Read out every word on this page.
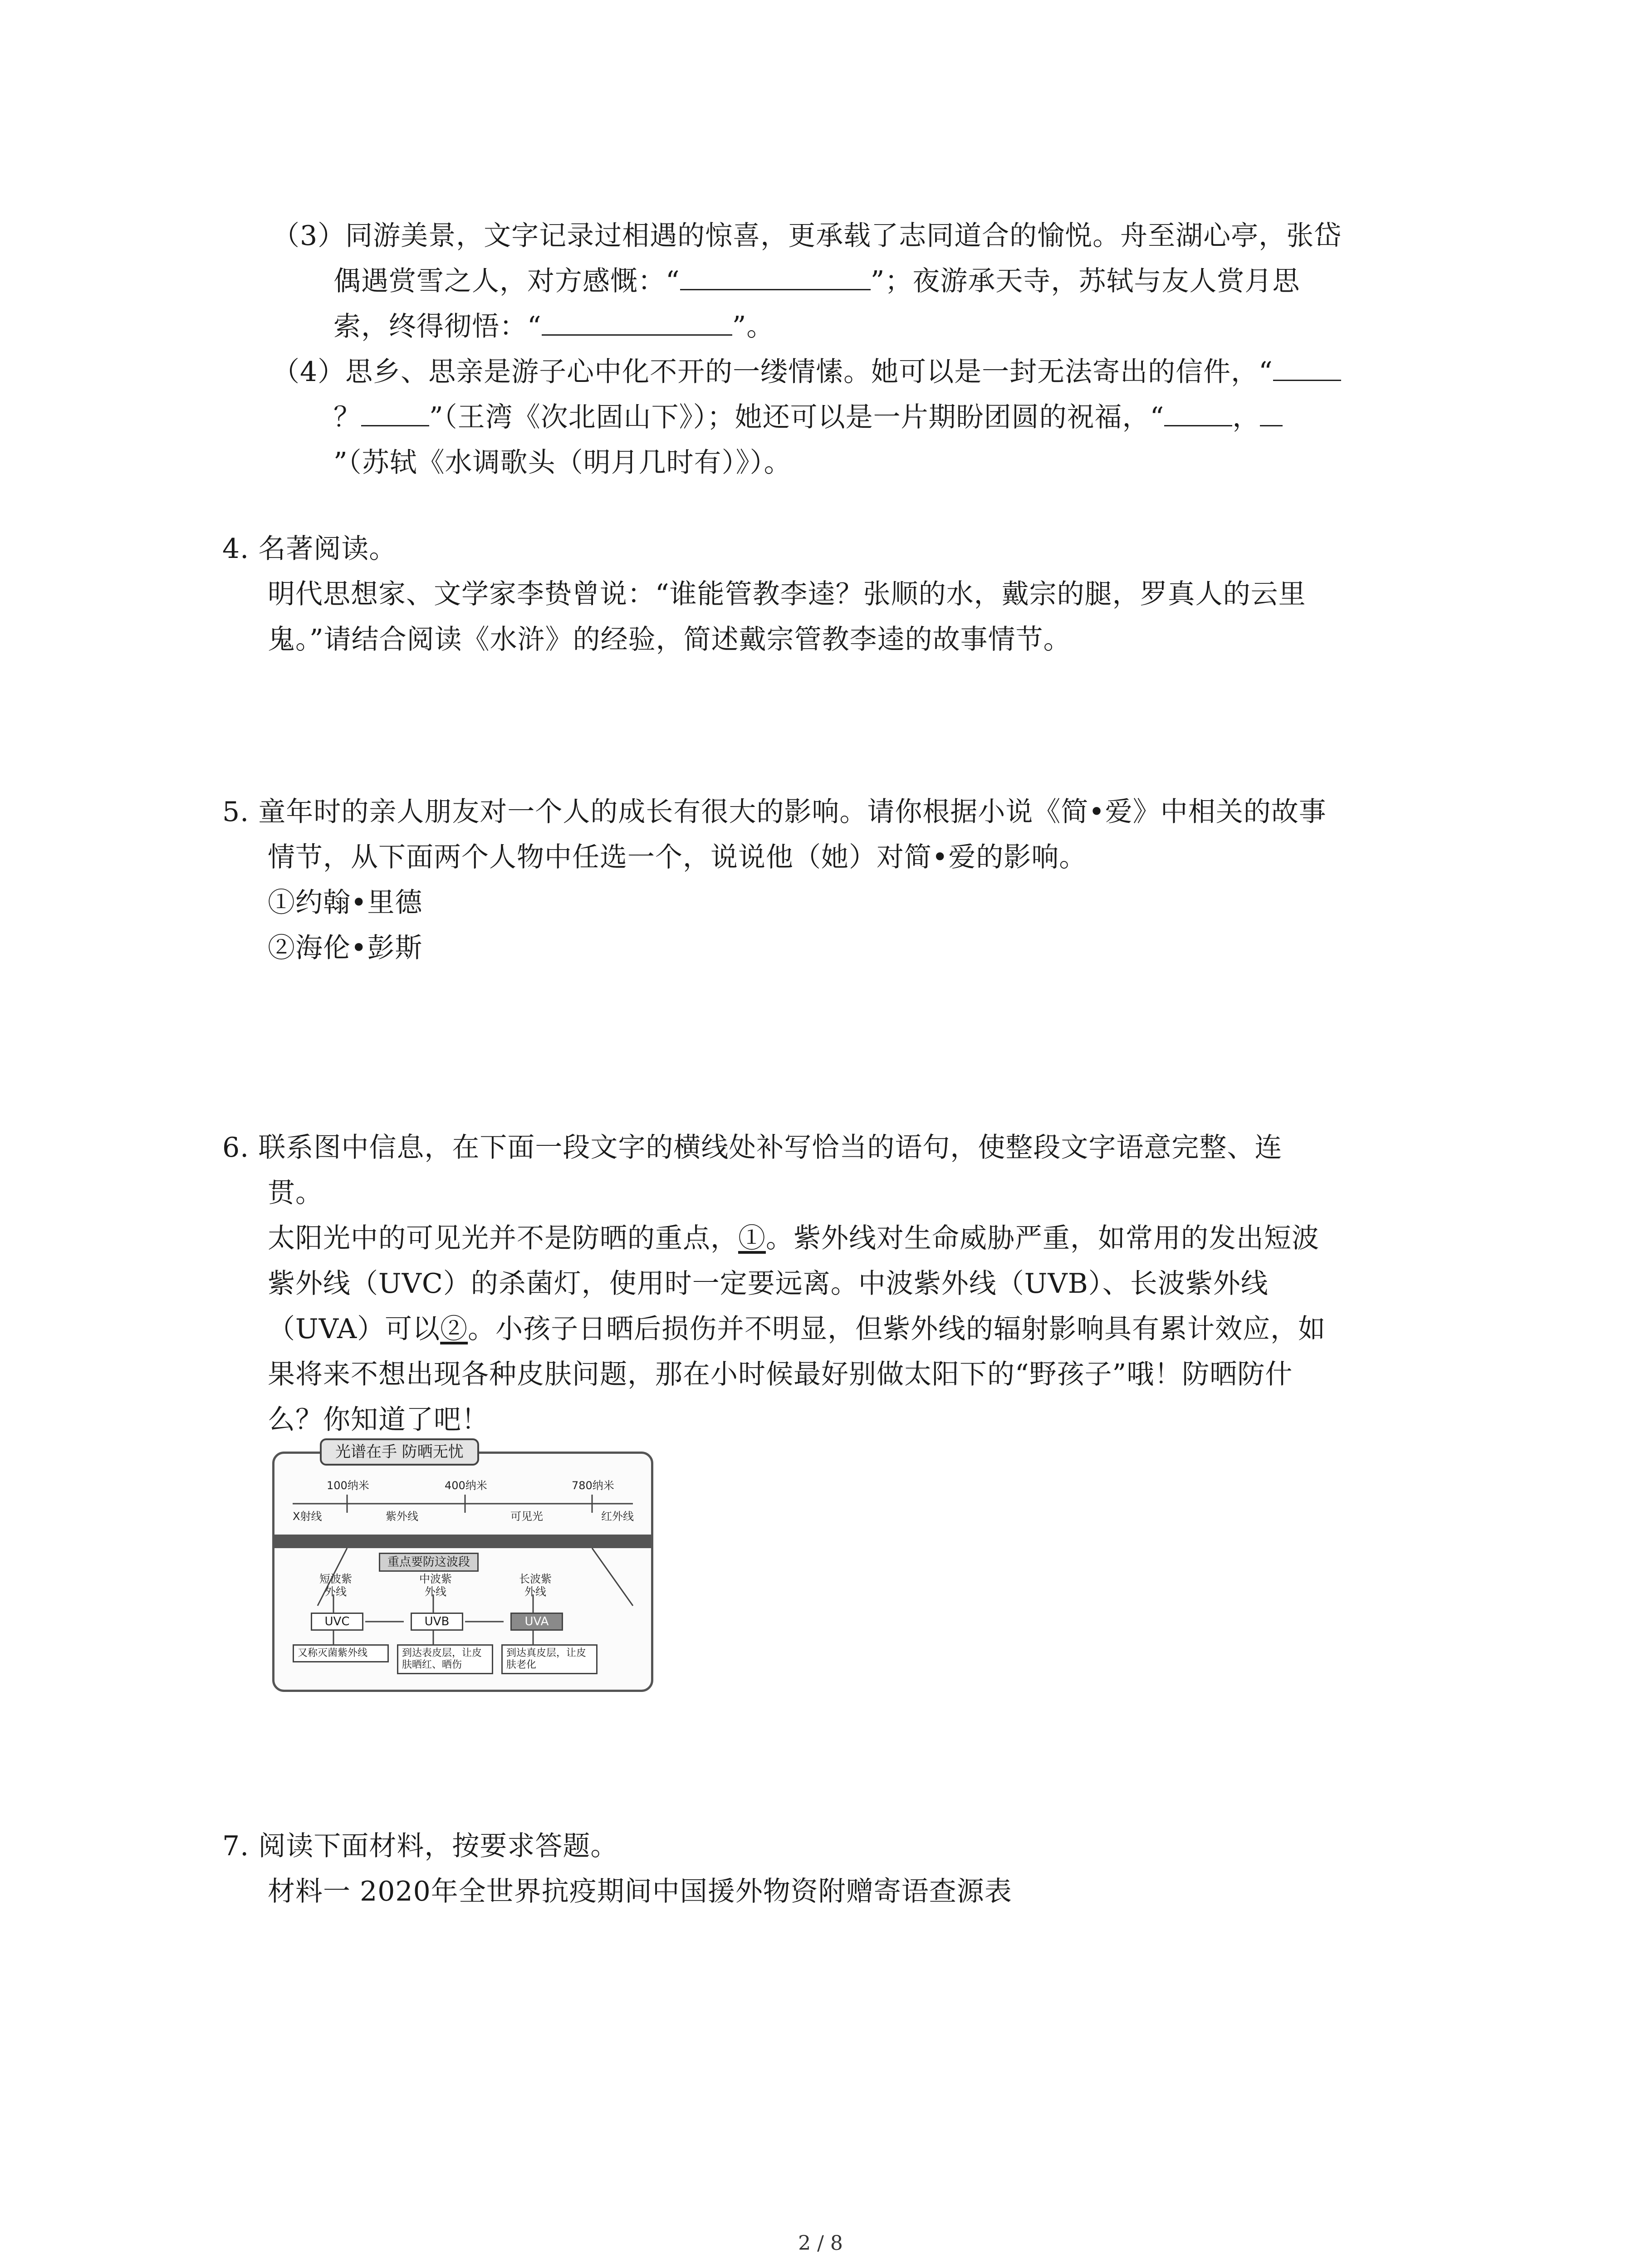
（3）同游美景，文字记录过相遇的惊喜，更承载了志同道合的愉悦。舟至湖心亭，张岱
偶遇赏雪之人，对方感慨：“	”；夜游承天寺，苏轼与友人赏月思
索，终得彻悟：“	”。
（4）思乡、思亲是游子心中化不开的一缕情愫。她可以是一封无法寄出的信件，“
？	”（王湾《次北固山下》）；她还可以是一片期盼团圆的祝福，“	，
”（苏轼《水调歌头（明月几时有）》）。
4. 名著阅读。
明代思想家、文学家李贽曾说：“谁能管教李逵？张顺的水，戴宗的腿，罗真人的云里
鬼。”请结合阅读《水浒》的经验，简述戴宗管教李逵的故事情节。
5. 童年时的亲人朋友对一个人的成长有很大的影响。请你根据小说《简•爱》中相关的故事
情节，从下面两个人物中任选一个，说说他（她）对简•爱的影响。
①约翰•里德
②海伦•彭斯
6. 联系图中信息，在下面一段文字的横线处补写恰当的语句，使整段文字语意完整、连
贯。
太阳光中的可见光并不是防晒的重点，①。紫外线对生命威胁严重，如常用的发出短波
紫外线（UVC）的杀菌灯，使用时一定要远离。中波紫外线（UVB）、长波紫外线
（UVA）可以②。小孩子日晒后损伤并不明显，但紫外线的辐射影响具有累计效应，如
果将来不想出现各种皮肤问题，那在小时候最好别做太阳下的“野孩子”哦！防晒防什
么？你知道了吧！
光谱在手 防晒无忧
100纳米	400纳米	780纳米
X射线	紫外线	可见光	红外线
重点要防这波段
短波紫外线
中波紫外线
长波紫外线
UVC	UVB	UVA
又称灭菌紫外线	到达表皮层，让皮肤晒红、晒伤
到达真皮层，让皮肤老化
7. 阅读下面材料，按要求答题。
材料一 2020年全世界抗疫期间中国援外物资附赠寄语查源表
2 / 8
